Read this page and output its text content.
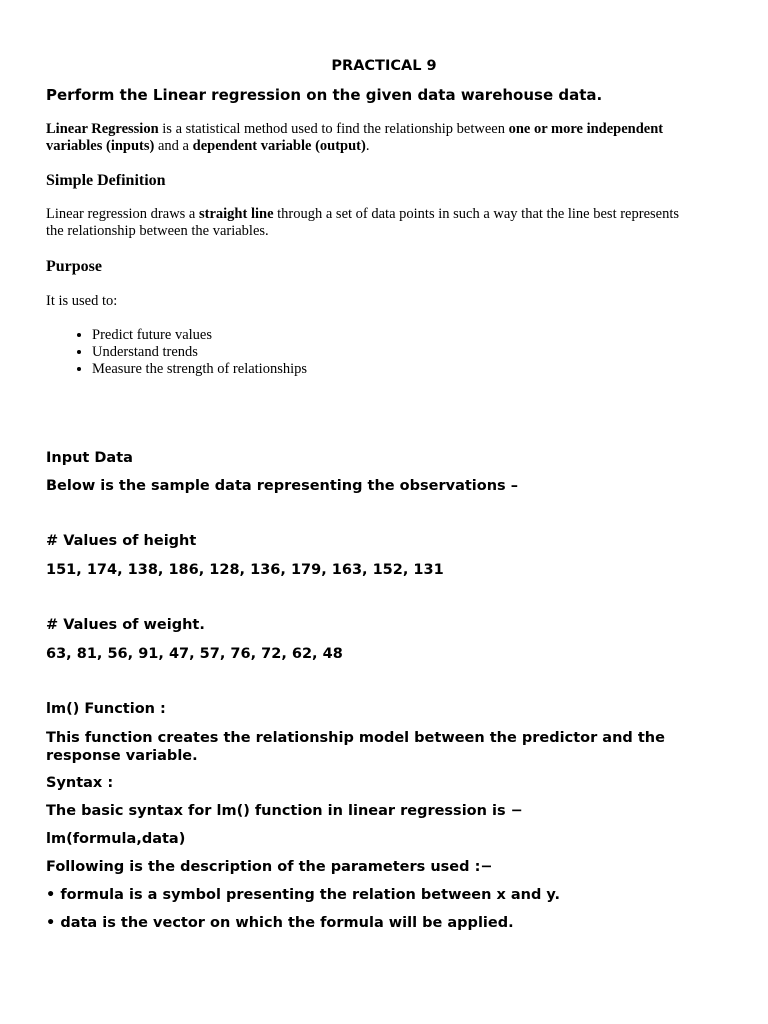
PRACTICAL 9
Perform the Linear regression on the given data warehouse data.

Linear Regression is a statistical method used to find the relationship between one or more independent variables (inputs) and a dependent variable (output).

Simple Definition

Linear regression draws a straight line through a set of data points in such a way that the line best represents the relationship between the variables.

Purpose
It is used to:
• Predict future values
• Understand trends
• Measure the strength of relationships
Input Data
Below is the sample data representing the observations –
# Values of height
151, 174, 138, 186, 128, 136, 179, 163, 152, 131
# Values of weight.
63, 81, 56, 91, 47, 57, 76, 72, 62, 48
lm() Function :
This function creates the relationship model between the predictor and the response variable.
Syntax :
The basic syntax for lm() function in linear regression is −
lm(formula,data)
Following is the description of the parameters used :−
• formula is a symbol presenting the relation between x and y.
• data is the vector on which the formula will be applied.
